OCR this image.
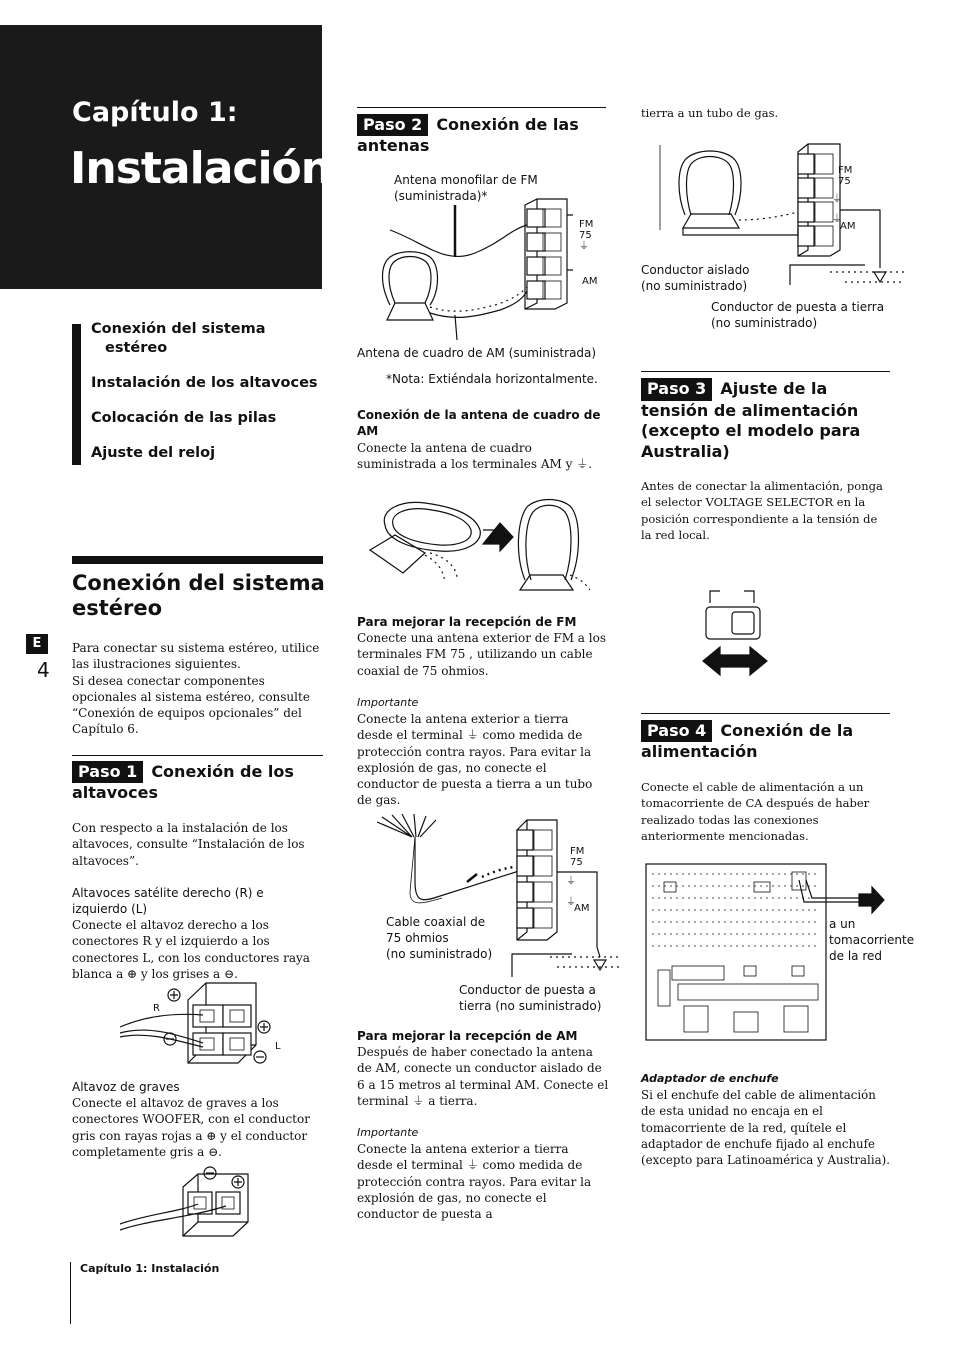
Capítulo 1:
Instalación
Conexión del sistema
estéreo
Instalación de los altavoces
Colocación de las pilas
Ajuste del reloj
Conexión del sistema
estéreo
Para conectar su sistema estéreo, utilice las ilustraciones siguientes.
Si desea conectar componentes opcionales al sistema estéreo, consulte “Conexión de equipos opcionales” del Capítulo 6.
E
4
Paso 1 Conexión de los
altavoces
Con respecto a la instalación de los altavoces, consulte “Instalación de los altavoces”.
Altavoces satélite derecho (R) e izquierdo (L)
Conecte el altavoz derecho a los conectores R y el izquierdo a los conectores L, con los conductores raya blanca a ⊕ y los grises a ⊖.
R
L
Altavoz de graves
Conecte el altavoz de graves a los conectores WOOFER, con el conductor gris con rayas rojas a ⊕ y el conductor completamente gris a ⊖.
Capítulo 1: Instalación
Paso 2 Conexión de las
antenas
Antena monofilar de FM
(suministrada)*
FM
75
⏚
AM
Antena de cuadro de AM (suministrada)
*Nota: Extiéndala horizontalmente.
Conexión de la antena de cuadro de AM
Conecte la antena de cuadro suministrada a los terminales AM y ⏚.
Para mejorar la recepción de FM
Conecte una antena exterior de FM a los terminales FM 75 , utilizando un cable coaxial de 75 ohmios.
Importante
Conecte la antena exterior a tierra desde el terminal ⏚ como medida de protección contra rayos. Para evitar la explosión de gas, no conecte el conductor de puesta a tierra a un tubo de gas.
FM
75
⏚
⏚
AM
Cable coaxial de
75 ohmios
(no suministrado)
Conductor de puesta a
tierra (no suministrado)
Para mejorar la recepción de AM
Después de haber conectado la antena de AM, conecte un conductor aislado de 6 a 15 metros al terminal AM. Conecte el terminal ⏚ a tierra.
Importante
Conecte la antena exterior a tierra desde el terminal ⏚ como medida de protección contra rayos. Para evitar la explosión de gas, no conecte el conductor de puesta a
tierra a un tubo de gas.
FM
75
⏚
⏚
AM
Conductor aislado
(no suministrado)
Conductor de puesta a tierra
(no suministrado)
Paso 3 Ajuste de la
tensión de alimentación
(excepto el modelo para
Australia)
Antes de conectar la alimentación, ponga el selector VOLTAGE SELECTOR en la posición correspondiente a la tensión de la red local.
Paso 4 Conexión de la
alimentación
Conecte el cable de alimentación a un tomacorriente de CA después de haber realizado todas las conexiones anteriormente mencionadas.
a un
tomacorriente
de la red
Adaptador de enchufe
Si el enchufe del cable de alimentación de esta unidad no encaja en el tomacorriente de la red, quítele el adaptador de enchufe fijado al enchufe (excepto para Latinoamérica y Australia).
